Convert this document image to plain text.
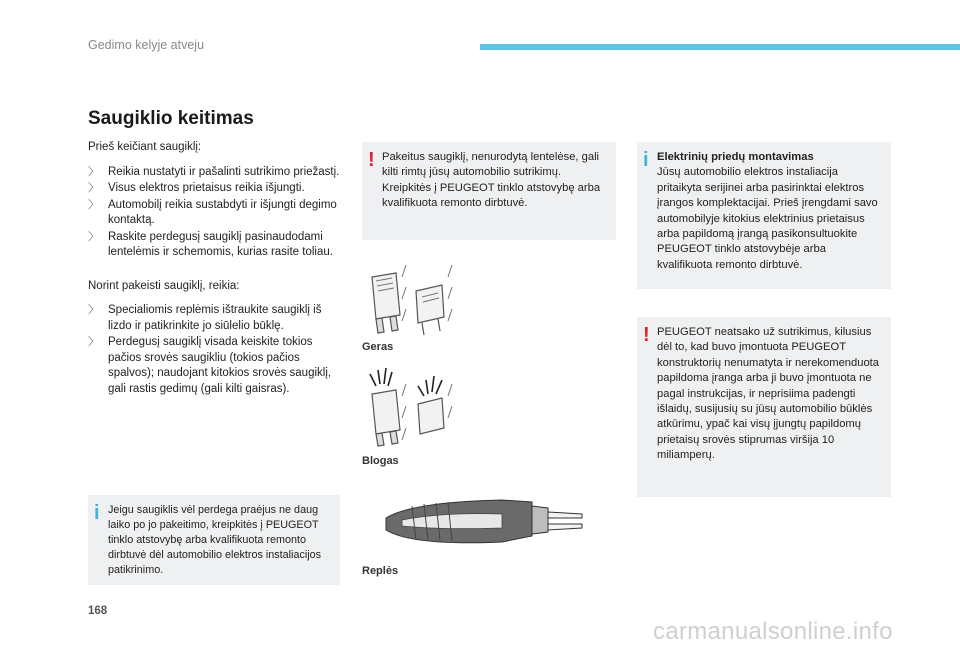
Gedimo kelyje atveju
Saugiklio keitimas

Prieš keičiant saugiklį:

〉 Reikia nustatyti ir pašalinti sutrikimo priežastį.
〉 Visus elektros prietaisus reikia išjungti.
〉 Automobilį reikia sustabdyti ir išjungti degimo kontaktą.
〉 Raskite perdegusį saugiklį pasinaudodami lentelėmis ir schemomis, kurias rasite toliau.

Norint pakeisti saugiklį, reikia:

〉 Specialiomis replėmis ištraukite saugiklį iš lizdo ir patikrinkite jo siūlelio būklę.
〉 Perdegusį saugiklį visada keiskite tokios pačios srovės saugikliu (tokios pačios spalvos); naudojant kitokios srovės saugiklį, gali rastis gedimų (gali kilti gaisras).
i Jeigu saugiklis vėl perdega praėjus ne daug laiko po jo pakeitimo, kreipkitės į PEUGEOT tinklo atstovybę arba kvalifikuota remonto dirbtuvė dėl automobilio elektros instaliacijos patikrinimo.
! Pakeitus saugiklį, nenurodytą lentelėse, gali kilti rimtų jūsų automobilio sutrikimų. Kreipkitės į PEUGEOT tinklo atstovybę arba kvalifikuota remonto dirbtuvė.
Geras
Blogas
Replės
i Elektrinių priedų montavimas
Jūsų automobilio elektros instaliacija pritaikyta serijinei arba pasirinktai elektros įrangos komplektacijai. Prieš įrengdami savo automobilyje kitokius elektrinius prietaisus arba papildomą įrangą pasikonsultuokite PEUGEOT tinklo atstovybėje arba kvalifikuota remonto dirbtuvė.
! PEUGEOT neatsako už sutrikimus, kilusius dėl to, kad buvo įmontuota PEUGEOT konstruktorių nenumatyta ir nerekomenduota papildoma įranga arba ji buvo įmontuota ne pagal instrukcijas, ir neprisiima padengti išlaidų, susijusių su jūsų automobilio būklės atkūrimu, ypač kai visų įjungtų papildomų prietaisų srovės stiprumas viršija 10 miliamperų.
168
carmanualsonline.info
